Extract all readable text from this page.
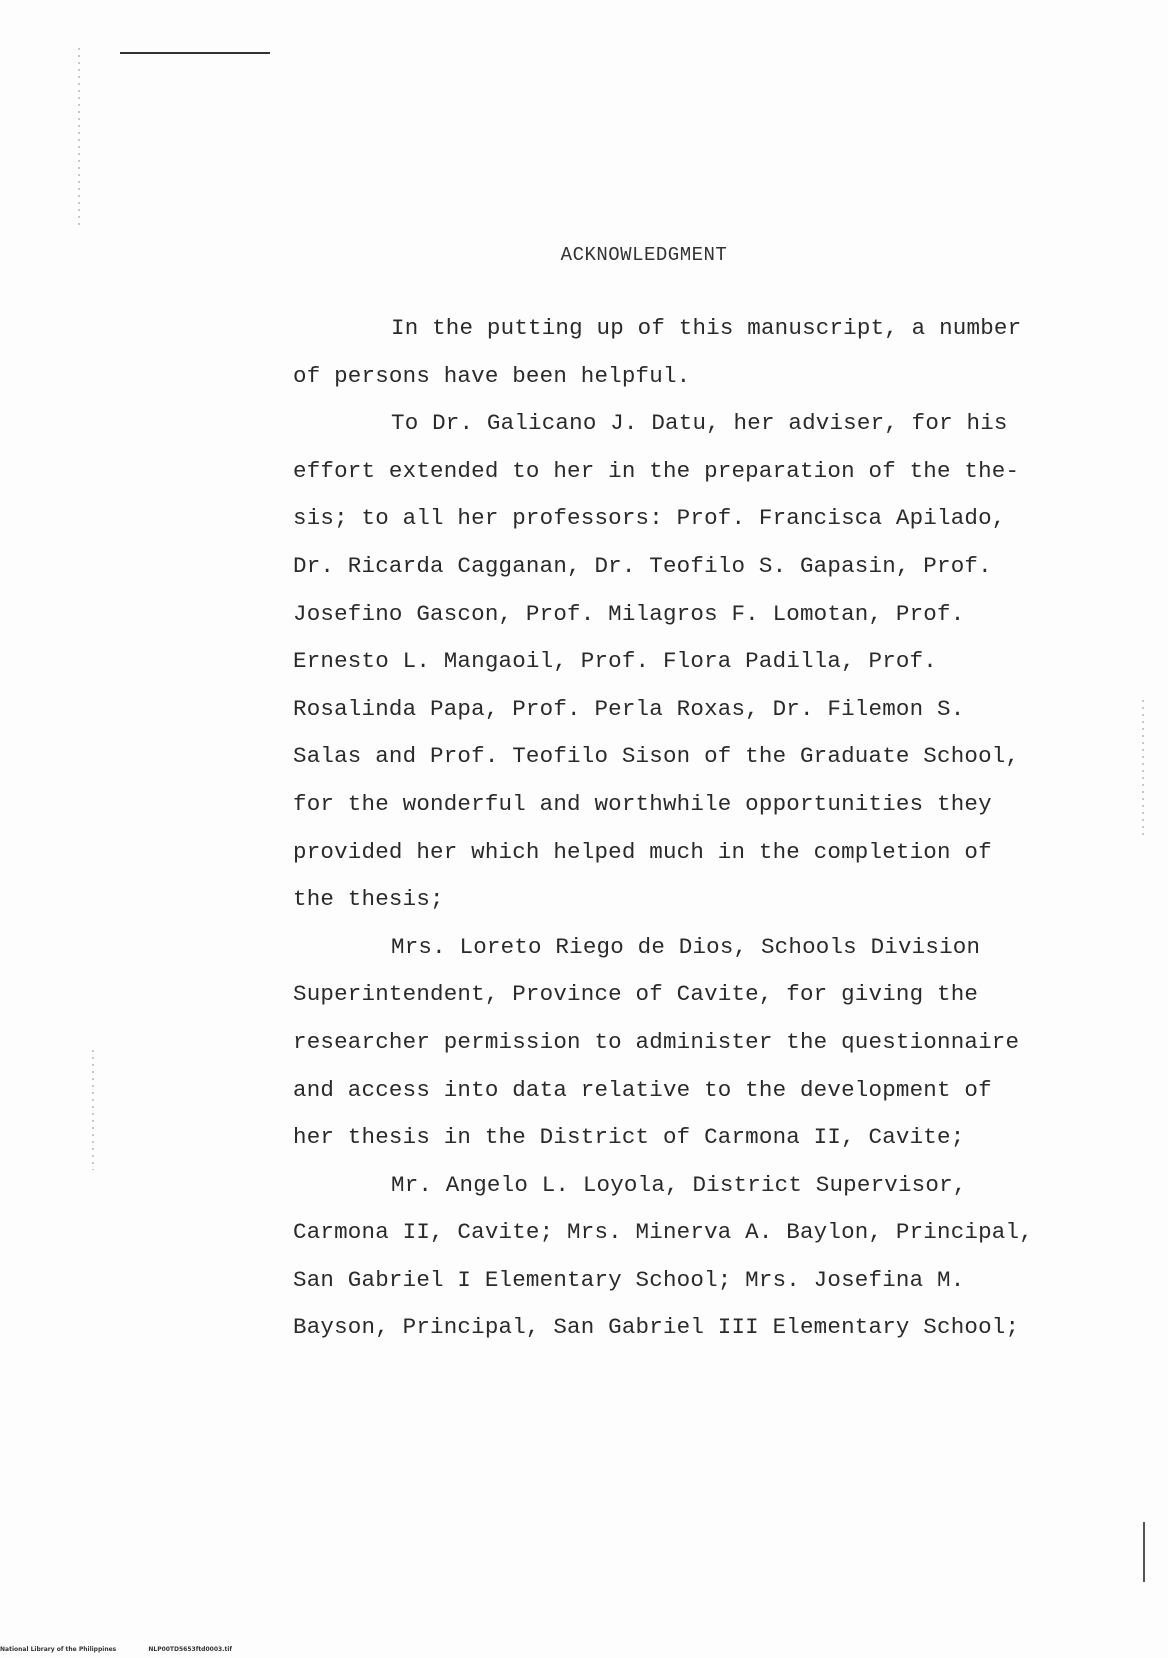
ACKNOWLEDGMENT
In the putting up of this manuscript, a number
of persons have been helpful.
To Dr. Galicano J. Datu, her adviser, for his
effort extended to her in the preparation of the the-
sis; to all her professors: Prof. Francisca Apilado,
Dr. Ricarda Cagganan, Dr. Teofilo S. Gapasin, Prof.
Josefino Gascon, Prof. Milagros F. Lomotan, Prof.
Ernesto L. Mangaoil, Prof. Flora Padilla, Prof.
Rosalinda Papa, Prof. Perla Roxas, Dr. Filemon S.
Salas and Prof. Teofilo Sison of the Graduate School,
for the wonderful and worthwhile opportunities they
provided her which helped much in the completion of
the thesis;
Mrs. Loreto Riego de Dios, Schools Division
Superintendent, Province of Cavite, for giving the
researcher permission to administer the questionnaire
and access into data relative to the development of
her thesis in the District of Carmona II, Cavite;
Mr. Angelo L. Loyola, District Supervisor,
Carmona II, Cavite; Mrs. Minerva A. Baylon, Principal,
San Gabriel I Elementary School; Mrs. Josefina M.
Bayson, Principal, San Gabriel III Elementary School;
National Library of the Philippines	NLP00TD5653ftd0003.tif
